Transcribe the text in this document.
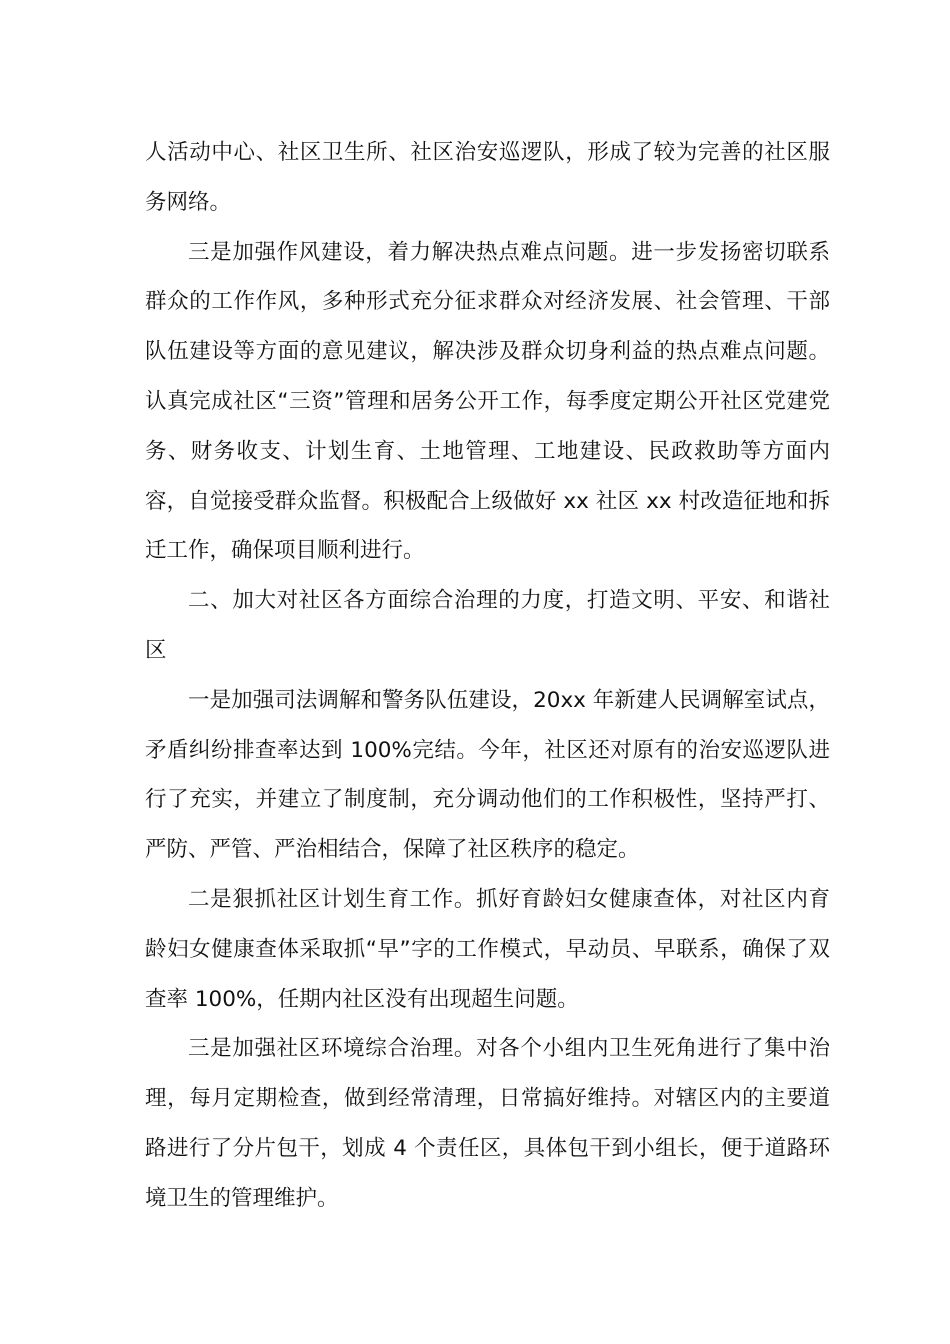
人活动中心、社区卫生所、社区治安巡逻队，形成了较为完善的社区服务网络。

三是加强作风建设，着力解决热点难点问题。进一步发扬密切联系群众的工作作风，多种形式充分征求群众对经济发展、社会管理、干部队伍建设等方面的意见建议，解决涉及群众切身利益的热点难点问题。认真完成社区“三资”管理和居务公开工作，每季度定期公开社区党建党务、财务收支、计划生育、土地管理、工地建设、民政救助等方面内容，自觉接受群众监督。积极配合上级做好 xx 社区 xx 村改造征地和拆迁工作，确保项目顺利进行。

二、加大对社区各方面综合治理的力度，打造文明、平安、和谐社区

一是加强司法调解和警务队伍建设，20xx 年新建人民调解室试点，矛盾纠纷排查率达到 100%完结。今年，社区还对原有的治安巡逻队进行了充实，并建立了制度制，充分调动他们的工作积极性，坚持严打、严防、严管、严治相结合，保障了社区秩序的稳定。

二是狠抓社区计划生育工作。抓好育龄妇女健康查体，对社区内育龄妇女健康查体采取抓“早”字的工作模式，早动员、早联系，确保了双查率 100%，任期内社区没有出现超生问题。

三是加强社区环境综合治理。对各个小组内卫生死角进行了集中治理，每月定期检查，做到经常清理，日常搞好维持。对辖区内的主要道路进行了分片包干，划成 4 个责任区，具体包干到小组长，便于道路环境卫生的管理维护。
